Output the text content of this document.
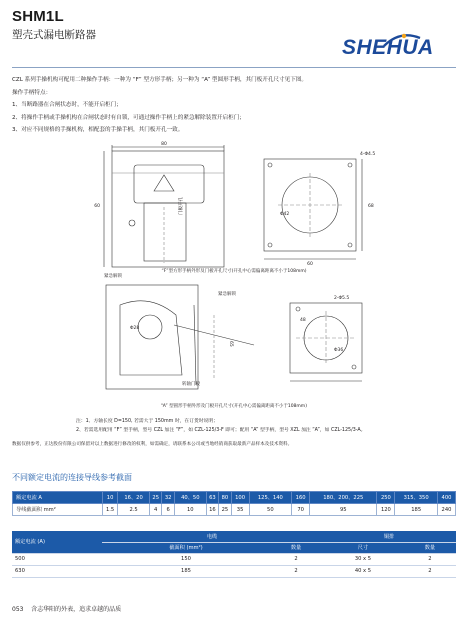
SHM1L
塑壳式漏电断路器
SHEHUA

CZL 系列手操机构可配用二种操作手柄：一种为 “F” 型方形手柄；另一种为 “A” 型圆形手柄，其门板开孔尺寸见下图。

操作手柄特点：

1、当断路器在合闸状态时，不能开启柜门；

2、将操作手柄或手操机构在合闸状态时有自锁，可通过操作手柄上的紧急解除装置开启柜门；

3、对应不同规格的手操机构，相配套的手操手柄，其门板开孔一致。

80
60
紧急解锁
门板开孔
4-Φ4.5
Φ42
68
60
“F”型方形手柄外形及门板开孔尺寸(开孔中心需偏离距离不小于108mm)
紧急解锁
Φ28
2-Φ5.5
48
65
Φ36
转轴门板
“A” 型圆形手柄外形及门板开孔尺寸(开孔中心需偏离距离不小于108mm)

注：1、方轴长度 D=150, 若需大于 150mm 时，在订货时说明；

2、若需选用配用 “F” 型手柄，型号 CZL 加注 “F”，如 CZL-125/3-F 即可；配用 “A” 型手柄，型号 XZL 加注 “A”，如 CZL-125/3-A。

数据仅供参考，正达股份有限公司保留对以上数据进行修改的权利，如需确定，请联系本公司或当地经销商获取最新产品样本及技术资料。
不同额定电流的连接导线参考截面
额定电流 A	10	16、20	25	32	40、50	63	80	100	125、140	160	180、200、225	250	315、350	400
导线截面积 mm²	1.5	2.5	4	6	10	16	25	35	50	70	95	120	185	240
额定电流 (A)	电缆		铜排	
	截面积 (mm²)	数量	尺寸	数量
500	150	2	30 x 5	2
630	185	2	40 x 5	2
053 含志华阳的外表，追求卓越的品质
